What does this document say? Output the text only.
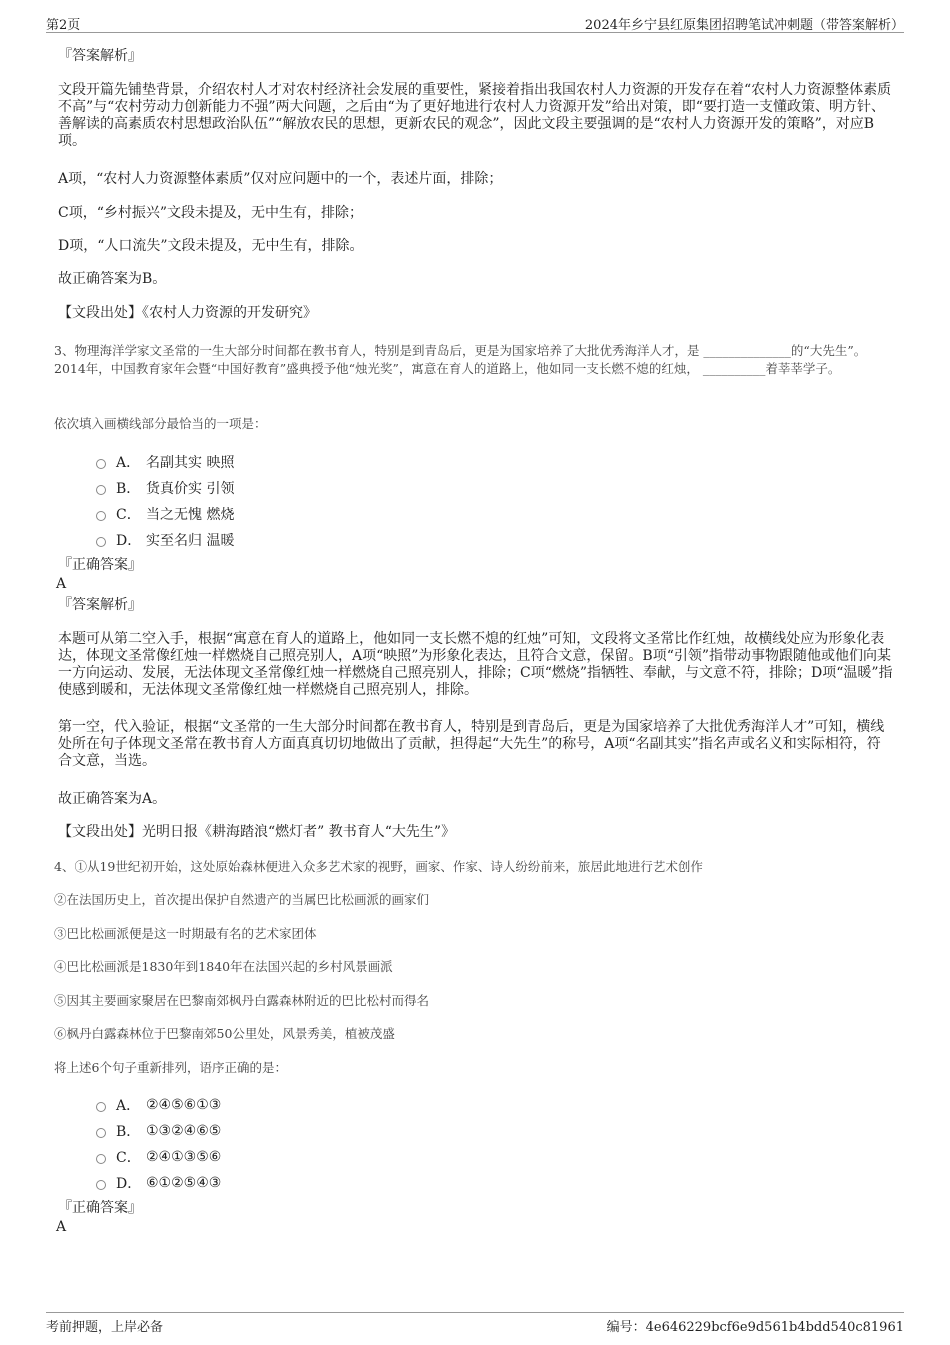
第2页	2024年乡宁县红原集团招聘笔试冲刺题（带答案解析）
『答案解析』
文段开篇先铺垫背景，介绍农村人才对农村经济社会发展的重要性，紧接着指出我国农村人力资源的开发存在着“农村人力资源整体素质不高”与“农村劳动力创新能力不强”两大问题，之后由“为了更好地进行农村人力资源开发”给出对策，即“要打造一支懂政策、明方针、善解读的高素质农村思想政治队伍”“解放农民的思想，更新农民的观念”，因此文段主要强调的是“农村人力资源开发的策略”，对应B项。
A项，“农村人力资源整体素质”仅对应问题中的一个，表述片面，排除；
C项，“乡村振兴”文段未提及，无中生有，排除；
D项，“人口流失”文段未提及，无中生有，排除。
故正确答案为B。
【文段出处】《农村人力资源的开发研究》
3、物理海洋学家文圣常的一生大部分时间都在教书育人，特别是到青岛后，更是为国家培养了大批优秀海洋人才，是 ______________的“大先生”。2014年，中国教育家年会暨“中国好教育”盛典授予他“烛光奖”，寓意在育人的道路上，他如同一支长燃不熄的红烛， __________着莘莘学子。
依次填入画横线部分最恰当的一项是：
A． 名副其实 映照
B． 货真价实 引领
C． 当之无愧 燃烧
D． 实至名归 温暖
『正确答案』
A
『答案解析』
本题可从第二空入手，根据“寓意在育人的道路上，他如同一支长燃不熄的红烛”可知，文段将文圣常比作红烛，故横线处应为形象化表达，体现文圣常像红烛一样燃烧自己照亮别人，A项“映照”为形象化表达，且符合文意，保留。B项“引领”指带动事物跟随他或他们向某一方向运动、发展，无法体现文圣常像红烛一样燃烧自己照亮别人，排除；C项“燃烧”指牺牲、奉献，与文意不符，排除；D项“温暖”指使感到暖和，无法体现文圣常像红烛一样燃烧自己照亮别人，排除。
第一空，代入验证，根据“文圣常的一生大部分时间都在教书育人，特别是到青岛后，更是为国家培养了大批优秀海洋人才”可知，横线处所在句子体现文圣常在教书育人方面真真切切地做出了贡献，担得起“大先生”的称号，A项“名副其实”指名声或名义和实际相符，符合文意，当选。
故正确答案为A。
【文段出处】光明日报《耕海踏浪“燃灯者” 教书育人“大先生”》
4、①从19世纪初开始，这处原始森林便进入众多艺术家的视野，画家、作家、诗人纷纷前来，旅居此地进行艺术创作
②在法国历史上，首次提出保护自然遗产的当属巴比松画派的画家们
③巴比松画派便是这一时期最有名的艺术家团体
④巴比松画派是1830年到1840年在法国兴起的乡村风景画派
⑤因其主要画家聚居在巴黎南郊枫丹白露森林附近的巴比松村而得名
⑥枫丹白露森林位于巴黎南郊50公里处，风景秀美，植被茂盛
将上述6个句子重新排列，语序正确的是：
A． ②④⑤⑥①③
B． ①③②④⑥⑤
C． ②④①③⑤⑥
D． ⑥①②⑤④③
『正确答案』
A
考前押题，上岸必备	编号：4e646229bcf6e9d561b4bdd540c81961
